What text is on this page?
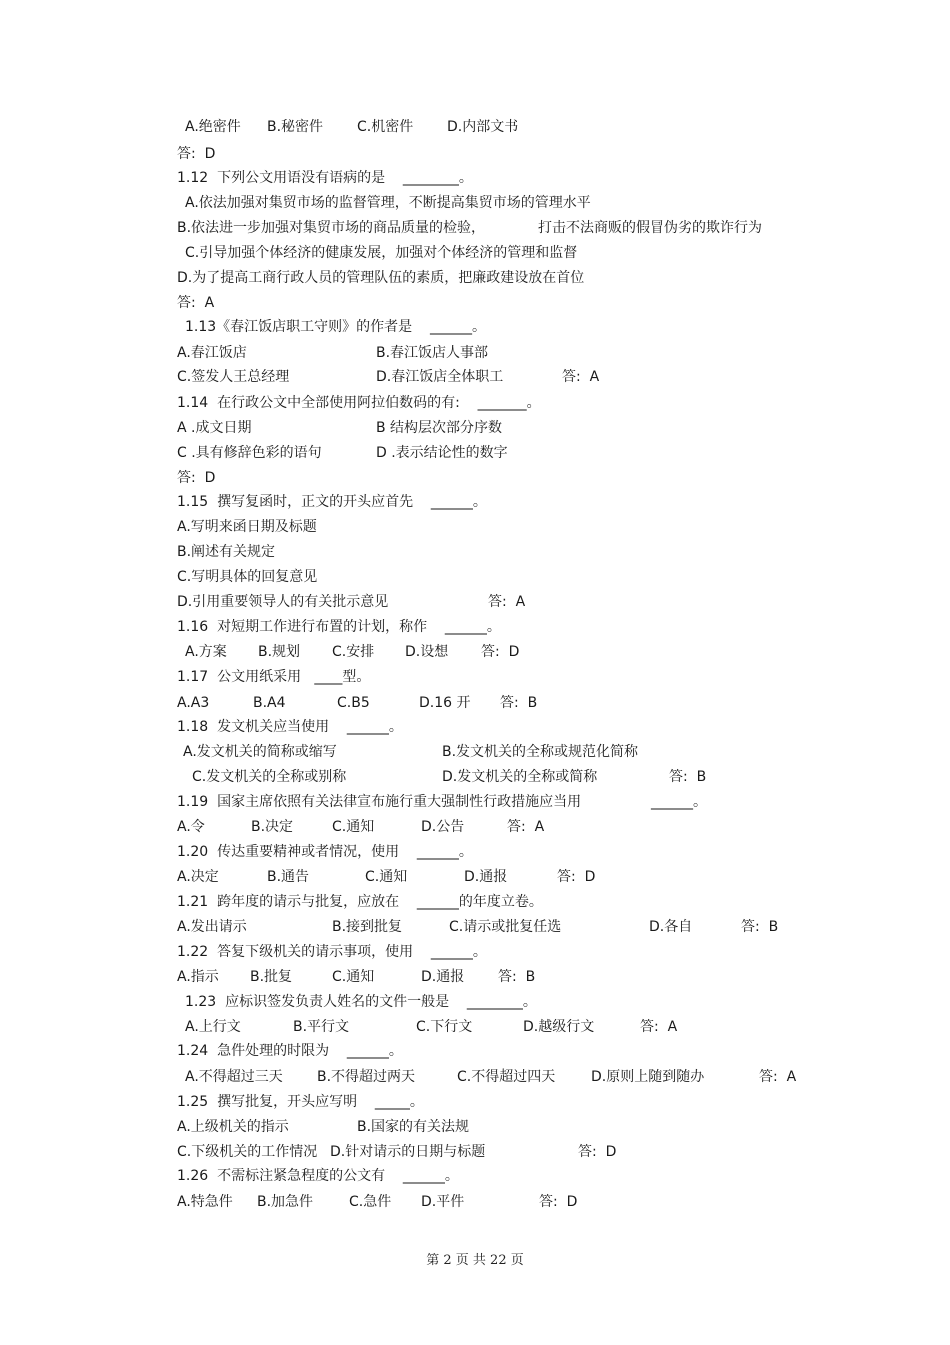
A.绝密件 B.秘密件 C.机密件 D.内部文书
答:  D
1.12  下列公文用语没有语病的是    ________。
A.依法加强对集贸市场的监督管理，不断提高集贸市场的管理水平
B.依法进一步加强对集贸市场的商品质量的检验，	打击不法商贩的假冒伪劣的欺诈行为
C.引导加强个体经济的健康发展，加强对个体经济的管理和监督
D.为了提高工商行政人员的管理队伍的素质，把廉政建设放在首位
答:  A
1.13《春江饭店职工守则》的作者是    ______。
A.春江饭店	B.春江饭店人事部
C.签发人王总经理	D.春江饭店全体职工	答:  A
1.14  在行政公文中全部使用阿拉伯数码的有:    _______。
A .成文日期	B 结构层次部分序数
C .具有修辞色彩的语句	D .表示结论性的数字
答:  D
1.15  撰写复函时，正文的开头应首先    ______。
A.写明来函日期及标题
B.阐述有关规定
C.写明具体的回复意见
D.引用重要领导人的有关批示意见	答:  A
1.16  对短期工作进行布置的计划，称作    ______。
A.方案 B.规划 C.安排 D.设想 答:  D
1.17  公文用纸采用   ____型。
A.A3	B.A4	C.B5	D.16 开 答:  B
1.18  发文机关应当使用    ______。
A.发文机关的简称或缩写	B.发文机关的全称或规范化简称
C.发文机关的全称或别称	D.发文机关的全称或简称	答:  B
1.19  国家主席依照有关法律宣布施行重大强制性行政措施应当用	______。
A.令	B.决定	C.通知	D.公告	答:  A
1.20  传达重要精神或者情况，使用    ______。
A.决定	B.通告	C.通知	D.通报	答:  D
1.21  跨年度的请示与批复，应放在    ______的年度立卷。
A.发出请示	B.接到批复	C.请示或批复任选	D.各自	答:  B
1.22  答复下级机关的请示事项，使用    ______。
A.指示 B.批复	C.通知	D.通报 答:  B
1.23  应标识签发负责人姓名的文件一般是    ________。
A.上行文	B.平行文	C.下行文	D.越级行文	答:  A
1.24  急件处理的时限为    ______。
A.不得超过三天 B.不得超过两天	C.不得超过四天	D.原则上随到随办	答:  A
1.25  撰写批复，开头应写明    _____。
A.上级机关的指示	B.国家的有关法规
C.下级机关的工作情况 D.针对请示的日期与标题	答:  D
1.26  不需标注紧急程度的公文有    ______。
A.特急件 B.加急件	C.急件 D.平件	答:  D
第 2 页 共 22 页
